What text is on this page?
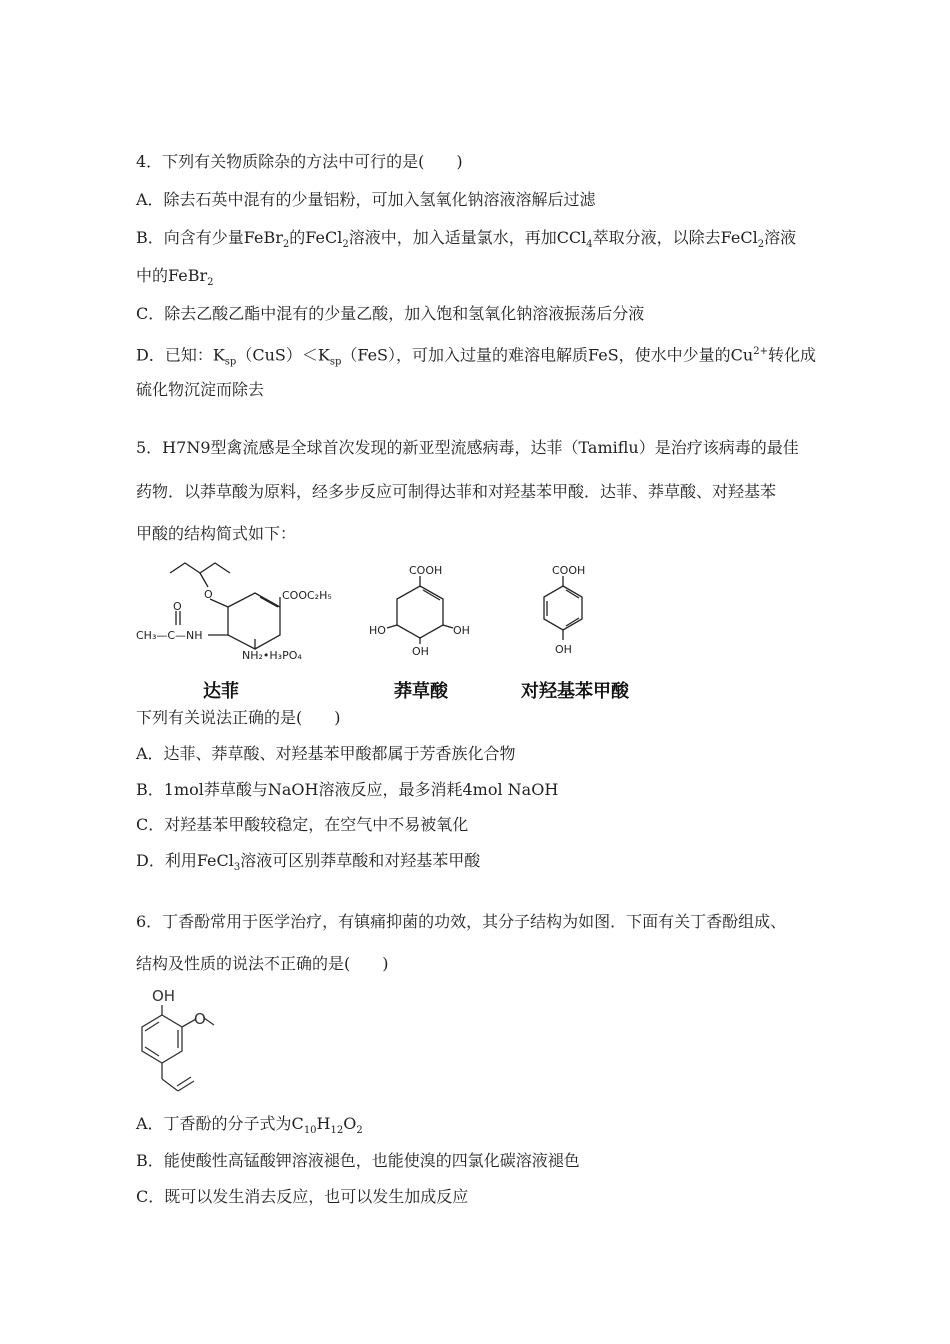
4．下列有关物质除杂的方法中可行的是(　　)
A．除去石英中混有的少量铝粉，可加入氢氧化钠溶液溶解后过滤
B．向含有少量FeBr$_2$的FeCl$_2$溶液中，加入适量氯水，再加CCl$_4$萃取分液，以除去FeCl$_2$溶液
中的FeBr$_2$
C．除去乙酸乙酯中混有的少量乙酸，加入饱和氢氧化钠溶液振荡后分液
D．已知：$K_{sp}(CuS)<K_{sp}(FeS)$，可加入过量的难溶电解质FeS，使水中少量的$Cu^{2+}$转化成
硫化物沉淀而除去
5．H7N9型禽流感是全球首次发现的新亚型流感病毒，达菲（Tamiflu）是治疗该病毒的最佳
药物．以莽草酸为原料，经多步反应可制得达菲和对羟基苯甲酸．达菲、莽草酸、对羟基苯
甲酸的结构简式如下：
O	COOC₂H₅
O
CH₃—C—NH
NH₂•H₃PO₄
COOH
HO	OH
OH
COOH
OH
达菲	莽草酸	对羟基苯甲酸
下列有关说法正确的是(　　)
A．达菲、莽草酸、对羟基苯甲酸都属于芳香族化合物
B．1mol莽草酸与NaOH溶液反应，最多消耗4mol NaOH
C．对羟基苯甲酸较稳定，在空气中不易被氧化
D．利用FeCl$_3$溶液可区别莽草酸和对羟基苯甲酸
6．丁香酚常用于医学治疗，有镇痛抑菌的功效，其分子结构为如图．下面有关丁香酚组成、
结构及性质的说法不正确的是(　　)
OH
O
A．丁香酚的分子式为$C_{10}H_{12}O_2$
B．能使酸性高锰酸钾溶液褪色，也能使溴的四氯化碳溶液褪色
C．既可以发生消去反应，也可以发生加成反应
